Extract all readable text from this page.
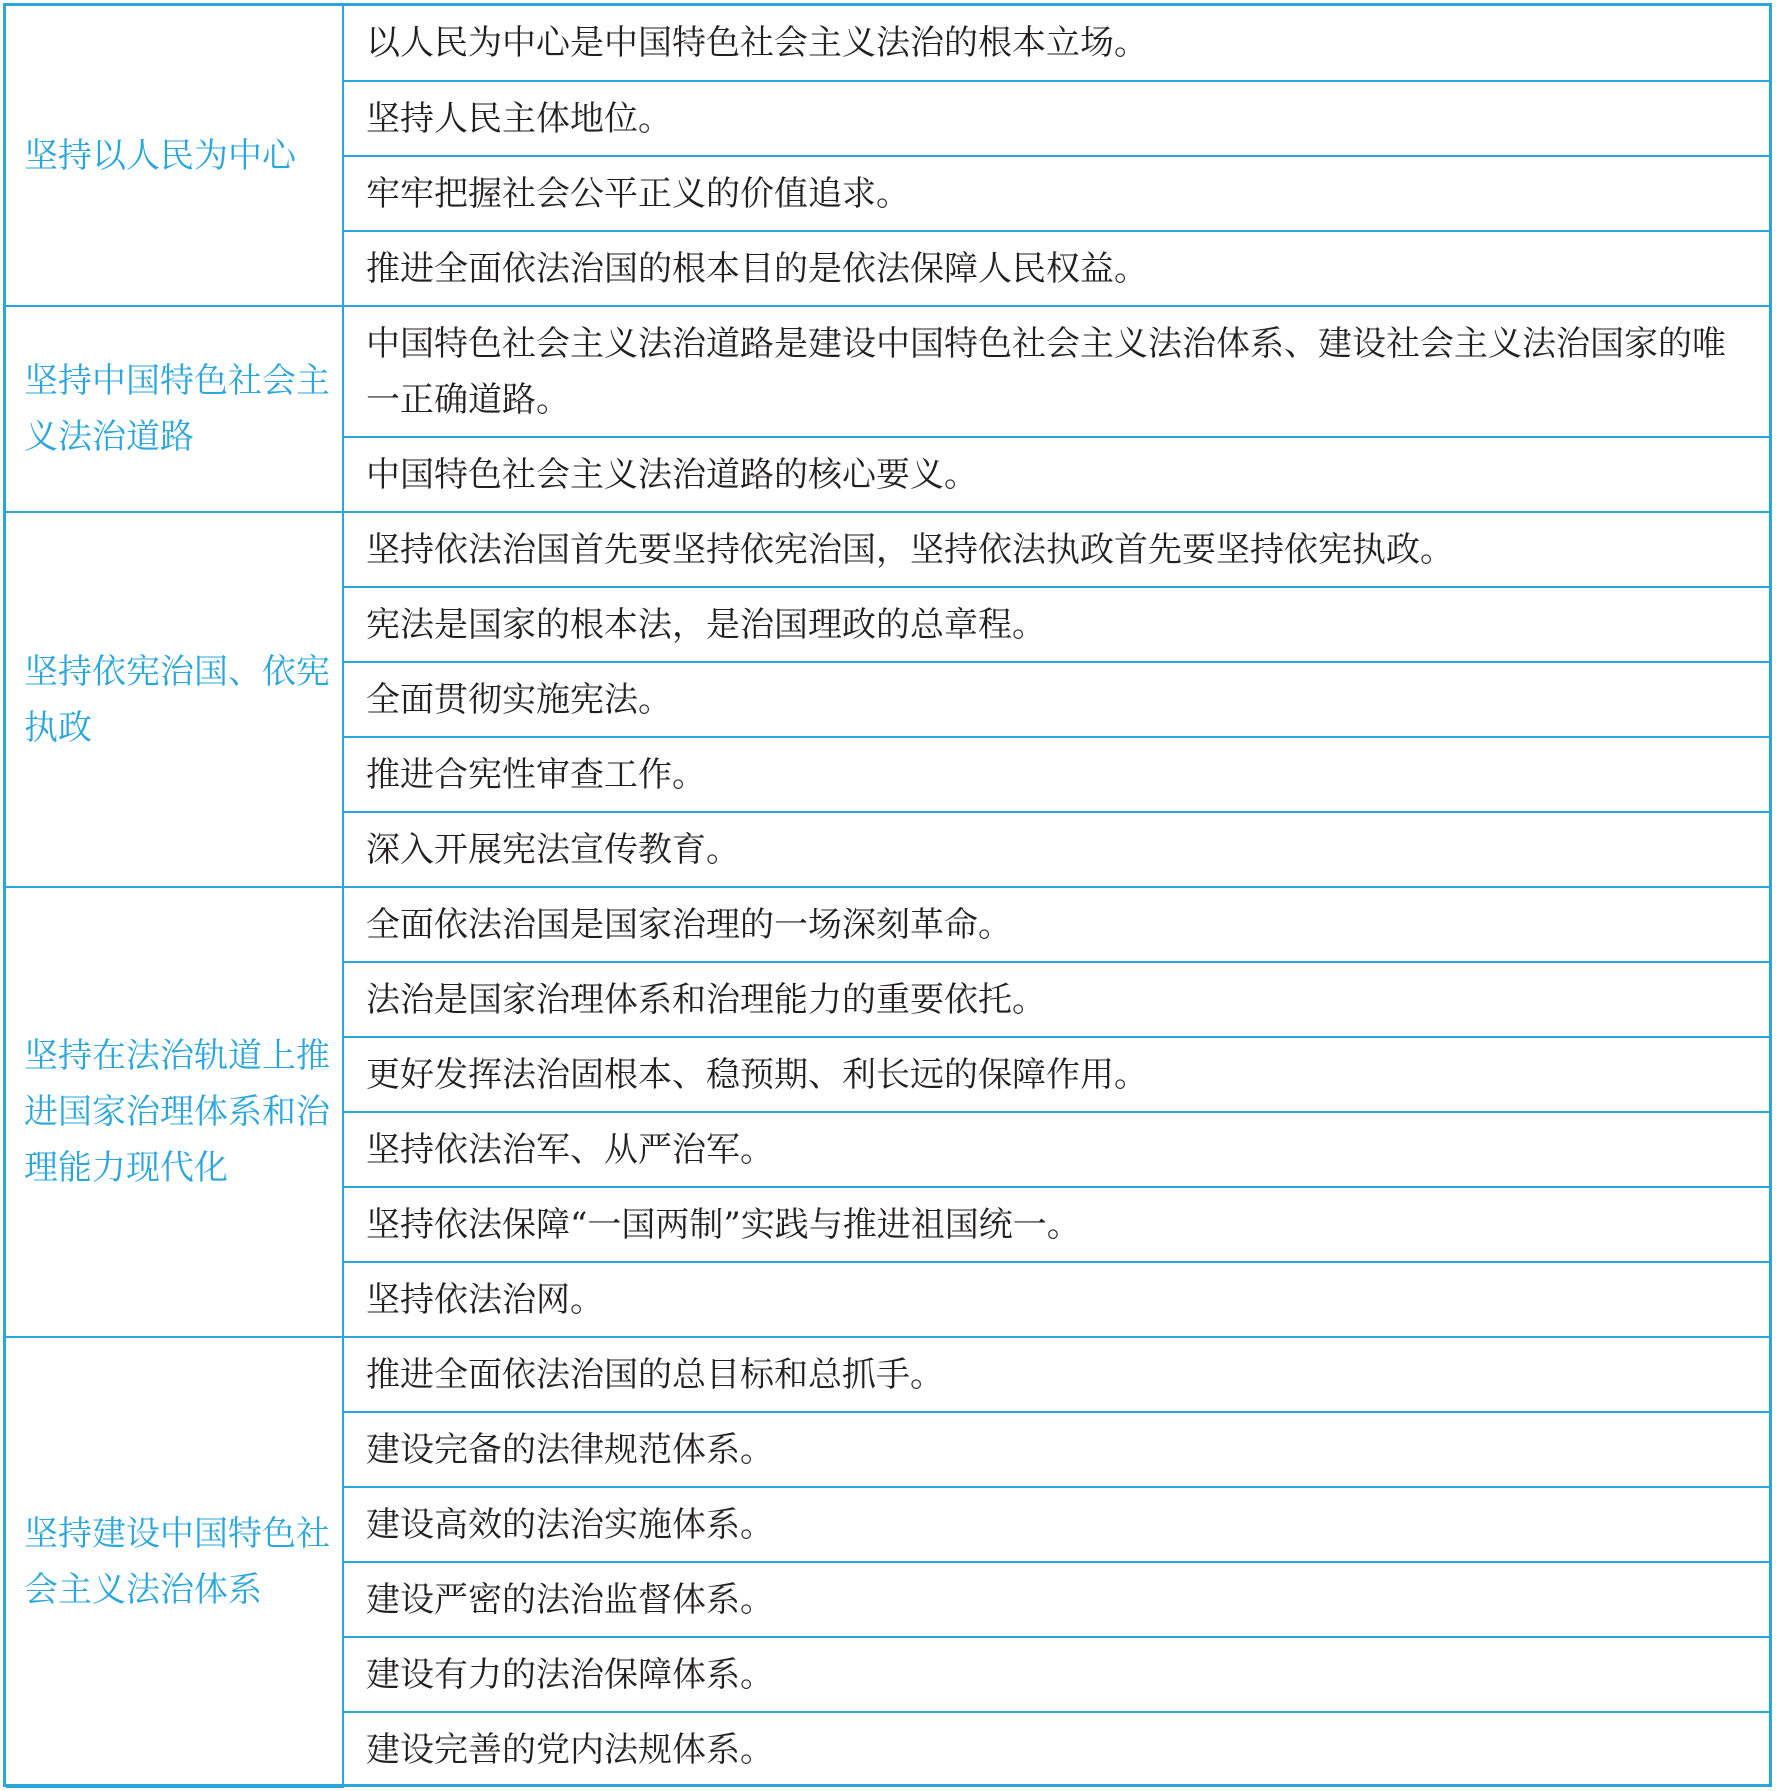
坚持以人民为中心	以人民为中心是中国特色社会主义法治的根本立场。
	坚持人民主体地位。
	牢牢把握社会公平正义的价值追求。
	推进全面依法治国的根本目的是依法保障人民权益。

坚持中国特色社会主义法治道路	中国特色社会主义法治道路是建设中国特色社会主义法治体系、建设社会主义法治国家的唯一正确道路。
	中国特色社会主义法治道路的核心要义。

坚持依宪治国、依宪执政	坚持依法治国首先要坚持依宪治国，坚持依法执政首先要坚持依宪执政。
	宪法是国家的根本法，是治国理政的总章程。
	全面贯彻实施宪法。
	推进合宪性审查工作。
	深入开展宪法宣传教育。

坚持在法治轨道上推进国家治理体系和治理能力现代化	全面依法治国是国家治理的一场深刻革命。
	法治是国家治理体系和治理能力的重要依托。
	更好发挥法治固根本、稳预期、利长远的保障作用。
	坚持依法治军、从严治军。
	坚持依法保障“一国两制”实践与推进祖国统一。
	坚持依法治网。

坚持建设中国特色社会主义法治体系	推进全面依法治国的总目标和总抓手。
	建设完备的法律规范体系。
	建设高效的法治实施体系。
	建设严密的法治监督体系。
	建设有力的法治保障体系。
	建设完善的党内法规体系。
